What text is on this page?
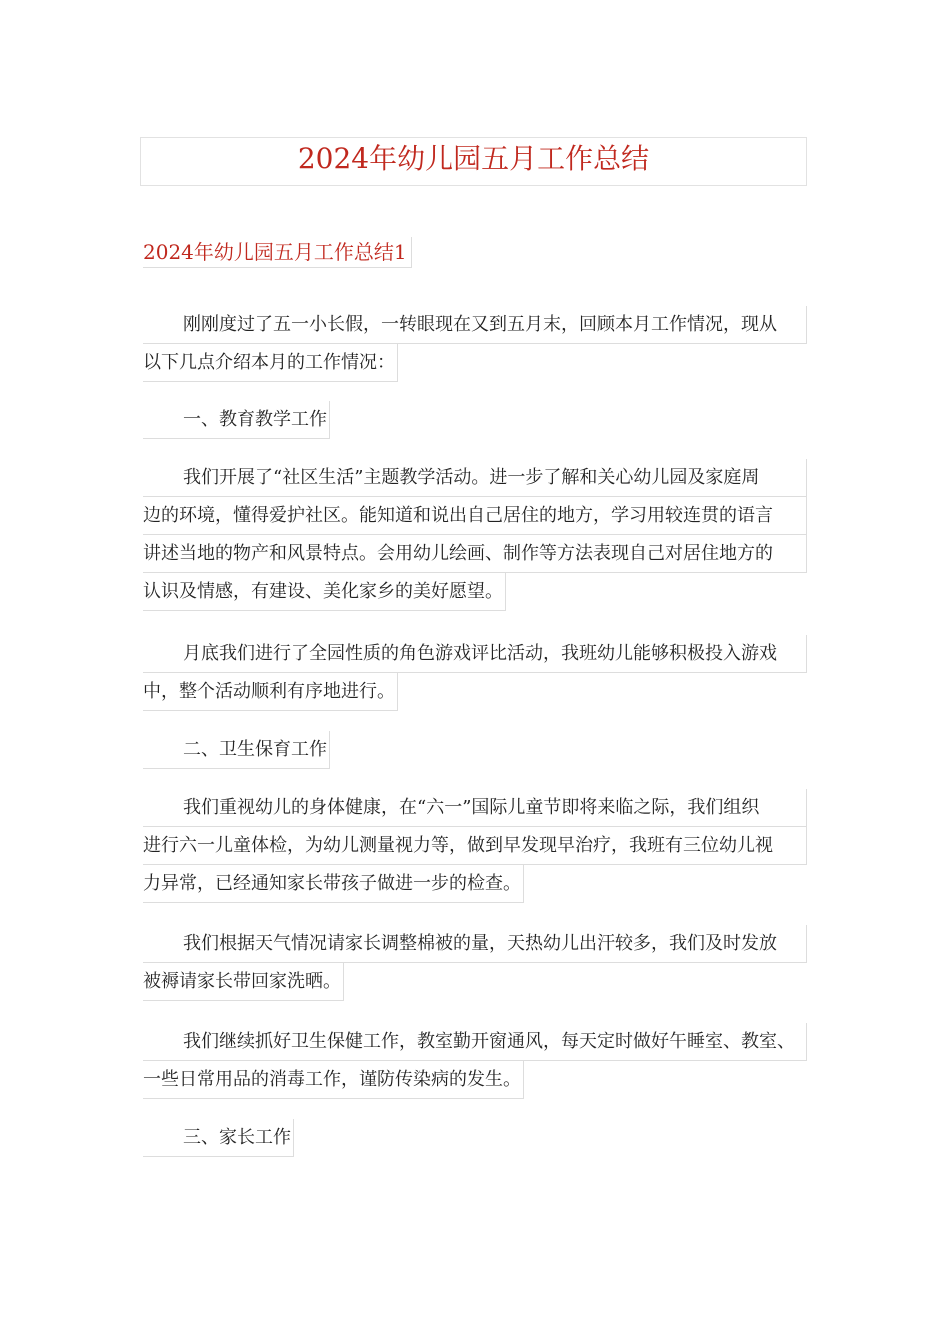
2024年幼儿园五月工作总结
2024年幼儿园五月工作总结1
刚刚度过了五一小长假，一转眼现在又到五月末，回顾本月工作情况，现从
以下几点介绍本月的工作情况：
一、教育教学工作
我们开展了“社区生活”主题教学活动。进一步了解和关心幼儿园及家庭周
边的环境，懂得爱护社区。能知道和说出自己居住的地方，学习用较连贯的语言
讲述当地的物产和风景特点。会用幼儿绘画、制作等方法表现自己对居住地方的
认识及情感，有建设、美化家乡的美好愿望。
月底我们进行了全园性质的角色游戏评比活动，我班幼儿能够积极投入游戏
中，整个活动顺利有序地进行。
二、卫生保育工作
我们重视幼儿的身体健康，在“六一”国际儿童节即将来临之际，我们组织
进行六一儿童体检，为幼儿测量视力等，做到早发现早治疗，我班有三位幼儿视
力异常，已经通知家长带孩子做进一步的检查。
我们根据天气情况请家长调整棉被的量，天热幼儿出汗较多，我们及时发放
被褥请家长带回家洗晒。
我们继续抓好卫生保健工作，教室勤开窗通风，每天定时做好午睡室、教室、
一些日常用品的消毒工作，谨防传染病的发生。
三、家长工作
